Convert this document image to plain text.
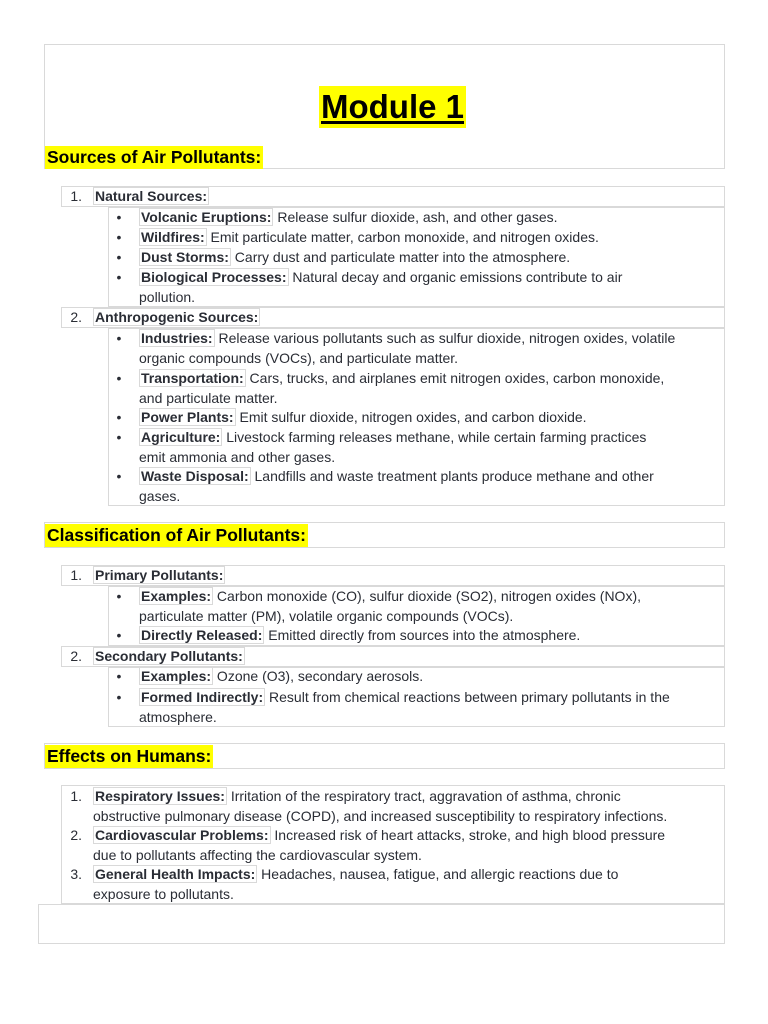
Module 1
Sources of Air Pollutants:
1. Natural Sources:
• Volcanic Eruptions: Release sulfur dioxide, ash, and other gases.
• Wildfires: Emit particulate matter, carbon monoxide, and nitrogen oxides.
• Dust Storms: Carry dust and particulate matter into the atmosphere.
• Biological Processes: Natural decay and organic emissions contribute to air
pollution.
2. Anthropogenic Sources:
• Industries: Release various pollutants such as sulfur dioxide, nitrogen oxides, volatile
organic compounds (VOCs), and particulate matter.
• Transportation: Cars, trucks, and airplanes emit nitrogen oxides, carbon monoxide,
and particulate matter.
• Power Plants: Emit sulfur dioxide, nitrogen oxides, and carbon dioxide.
• Agriculture: Livestock farming releases methane, while certain farming practices
emit ammonia and other gases.
• Waste Disposal: Landfills and waste treatment plants produce methane and other
gases.
Classification of Air Pollutants:
1. Primary Pollutants:
• Examples: Carbon monoxide (CO), sulfur dioxide (SO2), nitrogen oxides (NOx),
particulate matter (PM), volatile organic compounds (VOCs).
• Directly Released: Emitted directly from sources into the atmosphere.
2. Secondary Pollutants:
• Examples: Ozone (O3), secondary aerosols.
• Formed Indirectly: Result from chemical reactions between primary pollutants in the
atmosphere.
Effects on Humans:
1. Respiratory Issues: Irritation of the respiratory tract, aggravation of asthma, chronic
obstructive pulmonary disease (COPD), and increased susceptibility to respiratory infections.
2. Cardiovascular Problems: Increased risk of heart attacks, stroke, and high blood pressure
due to pollutants affecting the cardiovascular system.
3. General Health Impacts: Headaches, nausea, fatigue, and allergic reactions due to
exposure to pollutants.
